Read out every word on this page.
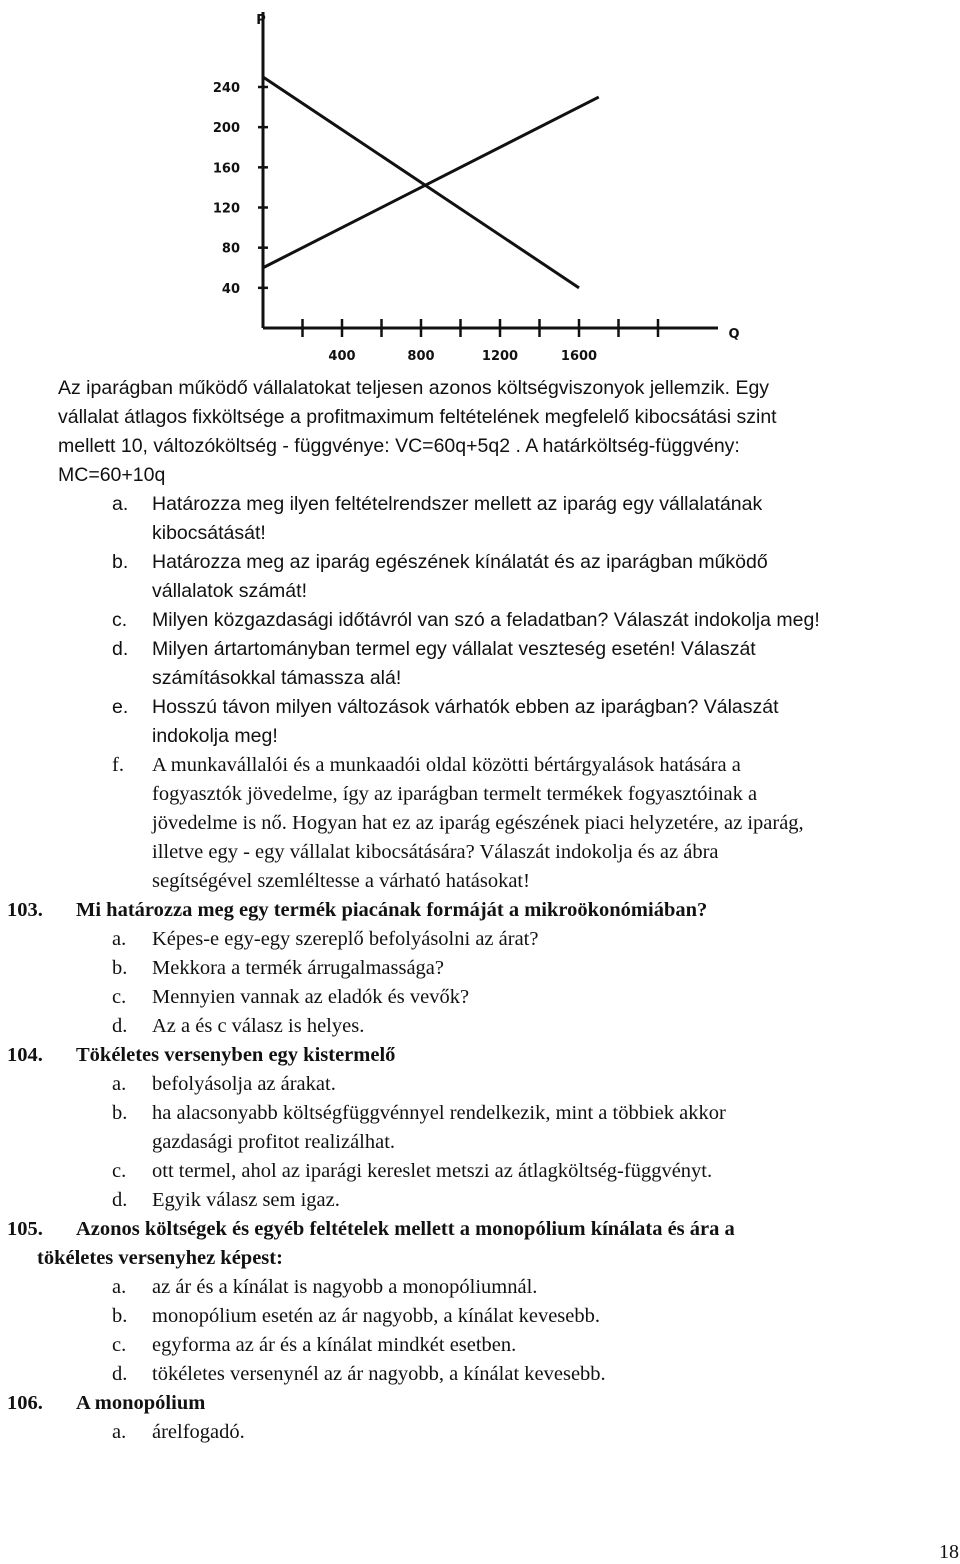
P
Q
40
80
120
160
200
240
400	800	1200	1600
Az iparágban működő vállalatokat teljesen azonos költségviszonyok jellemzik. Egy
vállalat átlagos fixköltsége a profitmaximum feltételének megfelelő kibocsátási szint
mellett 10, változóköltség - függvénye: VC=60q+5q2 . A határköltség-függvény:
MC=60+10q
a. Határozza meg ilyen feltételrendszer mellett az iparág egy vállalatának
kibocsátását!
b. Határozza meg az iparág egészének kínálatát és az iparágban működő
vállalatok számát!
c. Milyen közgazdasági időtávról van szó a feladatban? Válaszát indokolja meg!
d. Milyen ártartományban termel egy vállalat veszteség esetén! Válaszát
számításokkal támassza alá!
e. Hosszú távon milyen változások várhatók ebben az iparágban? Válaszát
indokolja meg!
f. A munkavállalói és a munkaadói oldal közötti bértárgyalások hatására a
fogyasztók jövedelme, így az iparágban termelt termékek fogyasztóinak a
jövedelme is nő. Hogyan hat ez az iparág egészének piaci helyzetére, az iparág,
illetve egy - egy vállalat kibocsátására? Válaszát indokolja és az ábra
segítségével szemléltesse a várható hatásokat!
103. Mi határozza meg egy termék piacának formáját a mikroökonómiában?
a. Képes-e egy-egy szereplő befolyásolni az árat?
b. Mekkora a termék árrugalmassága?
c. Mennyien vannak az eladók és vevők?
d. Az a és c válasz is helyes.
104. Tökéletes versenyben egy kistermelő
a. befolyásolja az árakat.
b. ha alacsonyabb költségfüggvénnyel rendelkezik, mint a többiek akkor
gazdasági profitot realizálhat.
c. ott termel, ahol az iparági kereslet metszi az átlagköltség-függvényt.
d. Egyik válasz sem igaz.
105. Azonos költségek és egyéb feltételek mellett a monopólium kínálata és ára a
tökéletes versenyhez képest:
a. az ár és a kínálat is nagyobb a monopóliumnál.
b. monopólium esetén az ár nagyobb, a kínálat kevesebb.
c. egyforma az ár és a kínálat mindkét esetben.
d. tökéletes versenynél az ár nagyobb, a kínálat kevesebb.
106. A monopólium
a. árelfogadó.
18
